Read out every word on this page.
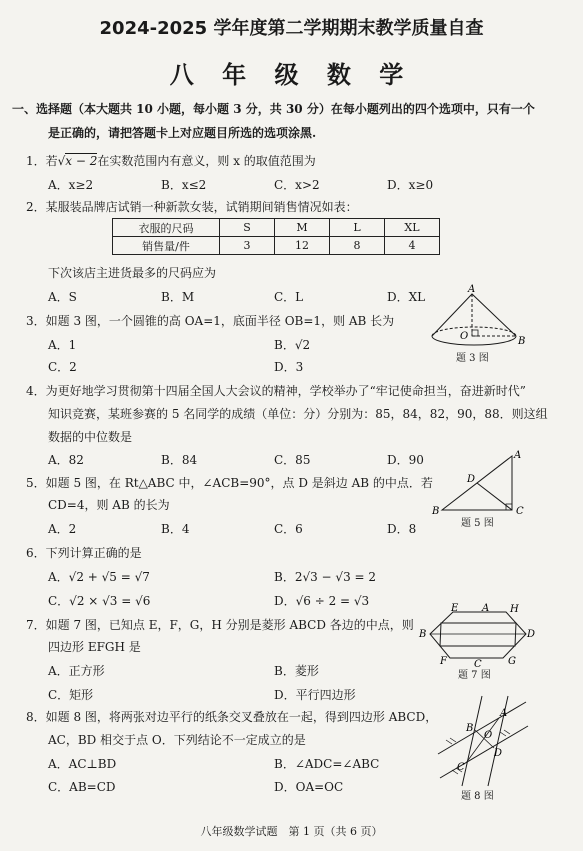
2024-2025 学年度第二学期期末教学质量自查
八 年 级 数 学
一、选择题（本大题共 10 小题，每小题 3 分，共 30 分）在每小题列出的四个选项中，只有一个
是正确的，请把答题卡上对应题目所选的选项涂黑.
1．若√x − 2在实数范围内有意义，则 x 的取值范围为
A．x≥2	B．x≤2	C．x>2	D．x≥0
2．某服装品牌店试销一种新款女装，试销期间销售情况如表：
衣服的尺码	S	M	L	XL
销售量/件	3	12	8	4
下次该店主进货最多的尺码应为
A．S	B．M	C．L	D．XL
3．如题 3 图，一个圆锥的高 OA=1，底面半径 OB=1，则 AB 长为
A．1	B．√2
C．2	D．3
A
O	B
题 3 图
4．为更好地学习贯彻第十四届全国人大会议的精神，学校举办了“牢记使命担当，奋进新时代”
知识竞赛，某班参赛的 5 名同学的成绩（单位：分）分别为：85，84，82，90，88．则这组
数据的中位数是
A．82	B．84	C．85	D．90
5．如题 5 图，在 Rt△ABC 中，∠ACB=90°，点 D 是斜边 AB 的中点．若
CD=4，则 AB 的长为
A．2	B．4	C．6	D．8
A
B	C
D
题 5 图
6．下列计算正确的是
A．√2 + √5 = √7	B．2√3 − √3 = 2
C．√2 × √3 = √6	D．√6 ÷ 2 = √3
7．如题 7 图，已知点 E，F，G，H 分别是菱形 ABCD 各边的中点，则
四边形 EFGH 是
A．正方形	B．菱形
C．矩形	D．平行四边形
E A H
B	D
F	C	G
题 7 图
8．如题 8 图，将两张对边平行的纸条交叉叠放在一起，得到四边形 ABCD，
AC，BD 相交于点 O．下列结论不一定成立的是
A．AC⊥BD	B．∠ADC=∠ABC
C．AB=CD	D．OA=OC
A
B
C
D
O
题 8 图
八年级数学试题　第 1 页（共 6 页）
